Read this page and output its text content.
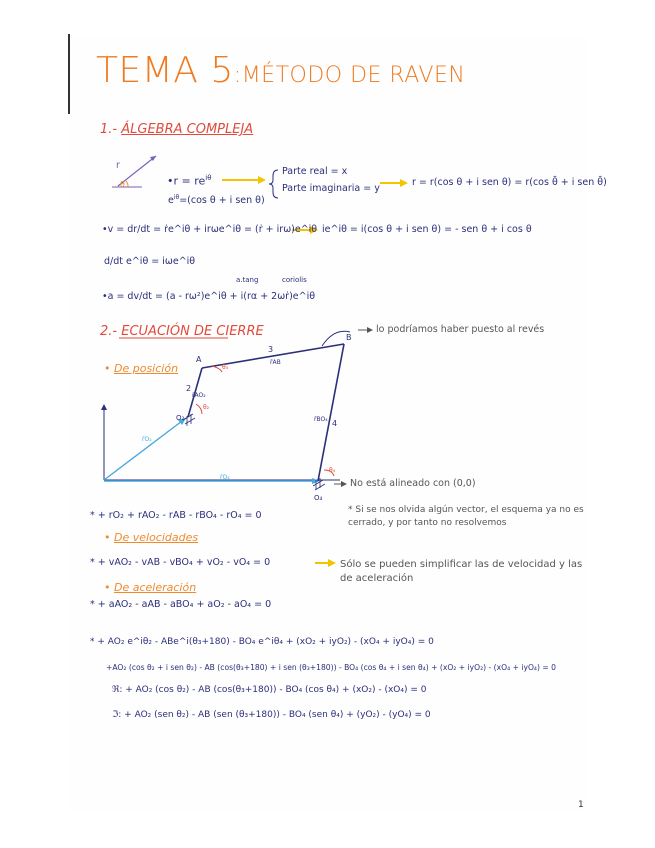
TEMA 5:MÉTODO DE RAVEN
1.- ÁLGEBRA COMPLEJA
r
θ	•r = $re^{i\theta}$
$e^{i\theta}=(\cos$ θ + i sen θ)
Parte real = x
Parte imaginaria = y
r = r(cos θ + i sen θ) = r(cos θ̄ + i sen θ̄)
•v = dr/dt = ṙe^iθ + irωe^iθ = (ṙ + irω)e^iθ ie^iθ = i(cos θ + i sen θ) = - sen θ + i cos θ
d/dt e^iθ = iωe^iθ
a.tang	coriolis
•a = dv/dt = (a - rω²)e^iθ + i(rα + 2ωṙ)e^iθ
2.- ECUACIÓN DE CIERRE	lo podríamos haber puesto al revés
• De posición
A
B
O₂
O₄
2
3
4
r̄AB
r̄AO₂
r̄BO₄
r̄O₂
r̄O₄
θ₂
θ₃
θ₄
No está alineado con (0,0)
* + rO₂ + rAO₂ - rAB - rBO₄ - rO₄ = 0	* Si se nos olvida algún vector, el esquema ya no es cerrado, y por tanto no resolvemos
• De velocidades
* + vAO₂ - vAB - vBO₄ + vO₂ - vO₄ = 0	Sólo se pueden simplificar las de velocidad y las de aceleración
• De aceleración
* + aAO₂ - aAB - aBO₄ + aO₂ - aO₄ = 0
* + AO₂ e^iθ₂ - ABe^i(θ₃+180) - BO₄ e^iθ₄ + (xO₂ + iyO₂) - (xO₄ + iyO₄) = 0
+AO₂ (cos θ₂ + i sen θ₂) - AB (cos(θ₃+180) + i sen (θ₃+180)) - BO₄ (cos θ₄ + i sen θ₄) + (xO₂ + iyO₂) - (xO₄ + iyO₄) = 0
ℜ: + AO₂ (cos θ₂) - AB (cos(θ₃+180)) - BO₄ (cos θ₄) + (xO₂) - (xO₄) = 0
ℑ: + AO₂ (sen θ₂) - AB (sen (θ₃+180)) - BO₄ (sen θ₄) + (yO₂) - (yO₄) = 0
1
